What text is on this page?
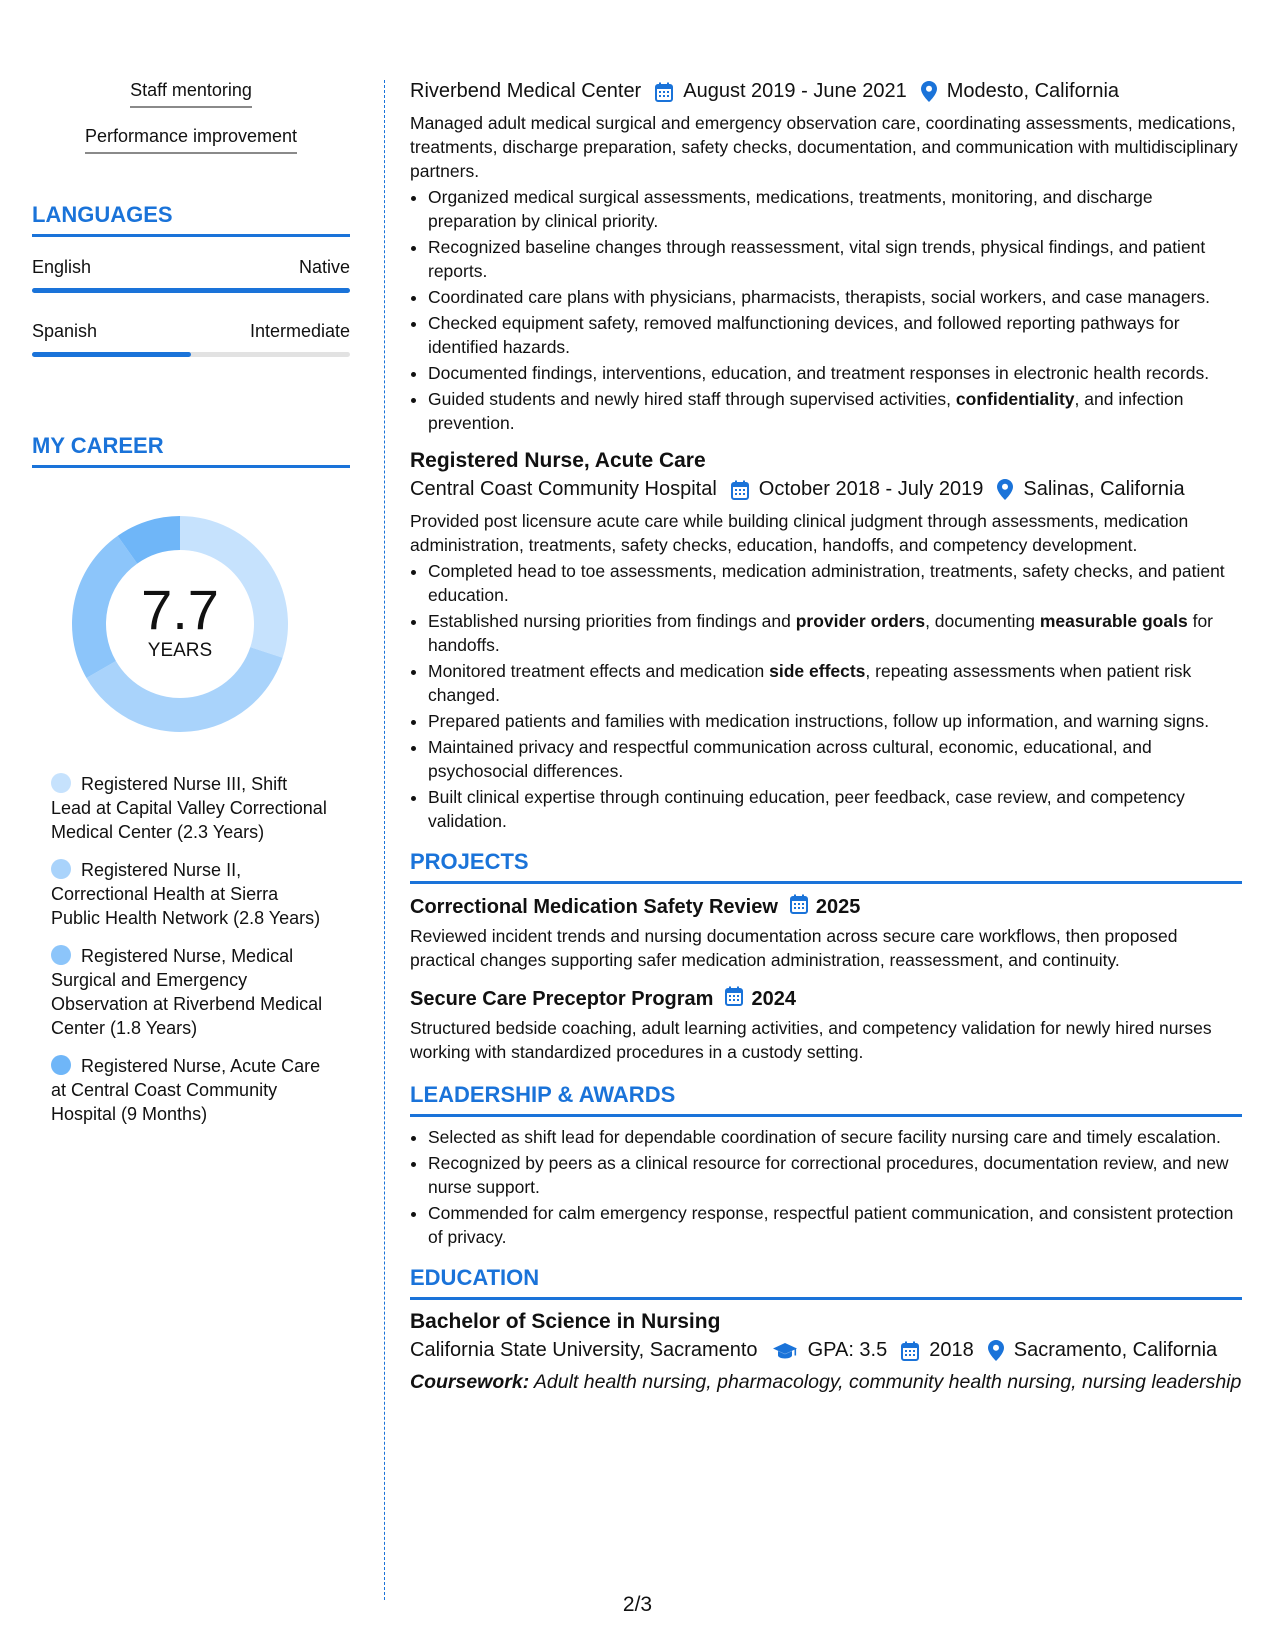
Staff mentoring
Performance improvement
LANGUAGES
English	Native
Spanish	Intermediate
MY CAREER
7.7
YEARS
Registered Nurse III, Shift Lead at Capital Valley Correctional Medical Center (2.3 Years)
Registered Nurse II, Correctional Health at Sierra Public Health Network (2.8 Years)
Registered Nurse, Medical Surgical and Emergency Observation at Riverbend Medical Center (1.8 Years)
Registered Nurse, Acute Care at Central Coast Community Hospital (9 Months)
Riverbend Medical Center August 2019 - June 2021 Modesto, California
Managed adult medical surgical and emergency observation care, coordinating assessments, medications, treatments, discharge preparation, safety checks, documentation, and communication with multidisciplinary partners.
• Organized medical surgical assessments, medications, treatments, monitoring, and discharge preparation by clinical priority.
• Recognized baseline changes through reassessment, vital sign trends, physical findings, and patient reports.
• Coordinated care plans with physicians, pharmacists, therapists, social workers, and case managers.
• Checked equipment safety, removed malfunctioning devices, and followed reporting pathways for identified hazards.
• Documented findings, interventions, education, and treatment responses in electronic health records.
• Guided students and newly hired staff through supervised activities, confidentiality, and infection prevention.
Registered Nurse, Acute Care
Central Coast Community Hospital October 2018 - July 2019 Salinas, California
Provided post licensure acute care while building clinical judgment through assessments, medication administration, treatments, safety checks, education, handoffs, and competency development.
• Completed head to toe assessments, medication administration, treatments, safety checks, and patient education.
• Established nursing priorities from findings and provider orders, documenting measurable goals for handoffs.
• Monitored treatment effects and medication side effects, repeating assessments when patient risk changed.
• Prepared patients and families with medication instructions, follow up information, and warning signs.
• Maintained privacy and respectful communication across cultural, economic, educational, and psychosocial differences.
• Built clinical expertise through continuing education, peer feedback, case review, and competency validation.
PROJECTS
Correctional Medication Safety Review 2025
Reviewed incident trends and nursing documentation across secure care workflows, then proposed practical changes supporting safer medication administration, reassessment, and continuity.
Secure Care Preceptor Program 2024
Structured bedside coaching, adult learning activities, and competency validation for newly hired nurses working with standardized procedures in a custody setting.
LEADERSHIP & AWARDS
• Selected as shift lead for dependable coordination of secure facility nursing care and timely escalation.
• Recognized by peers as a clinical resource for correctional procedures, documentation review, and new nurse support.
• Commended for calm emergency response, respectful patient communication, and consistent protection of privacy.
EDUCATION
Bachelor of Science in Nursing
California State University, Sacramento	GPA: 3.5 2018 Sacramento, California
Coursework: Adult health nursing, pharmacology, community health nursing, nursing leadership
2/3
